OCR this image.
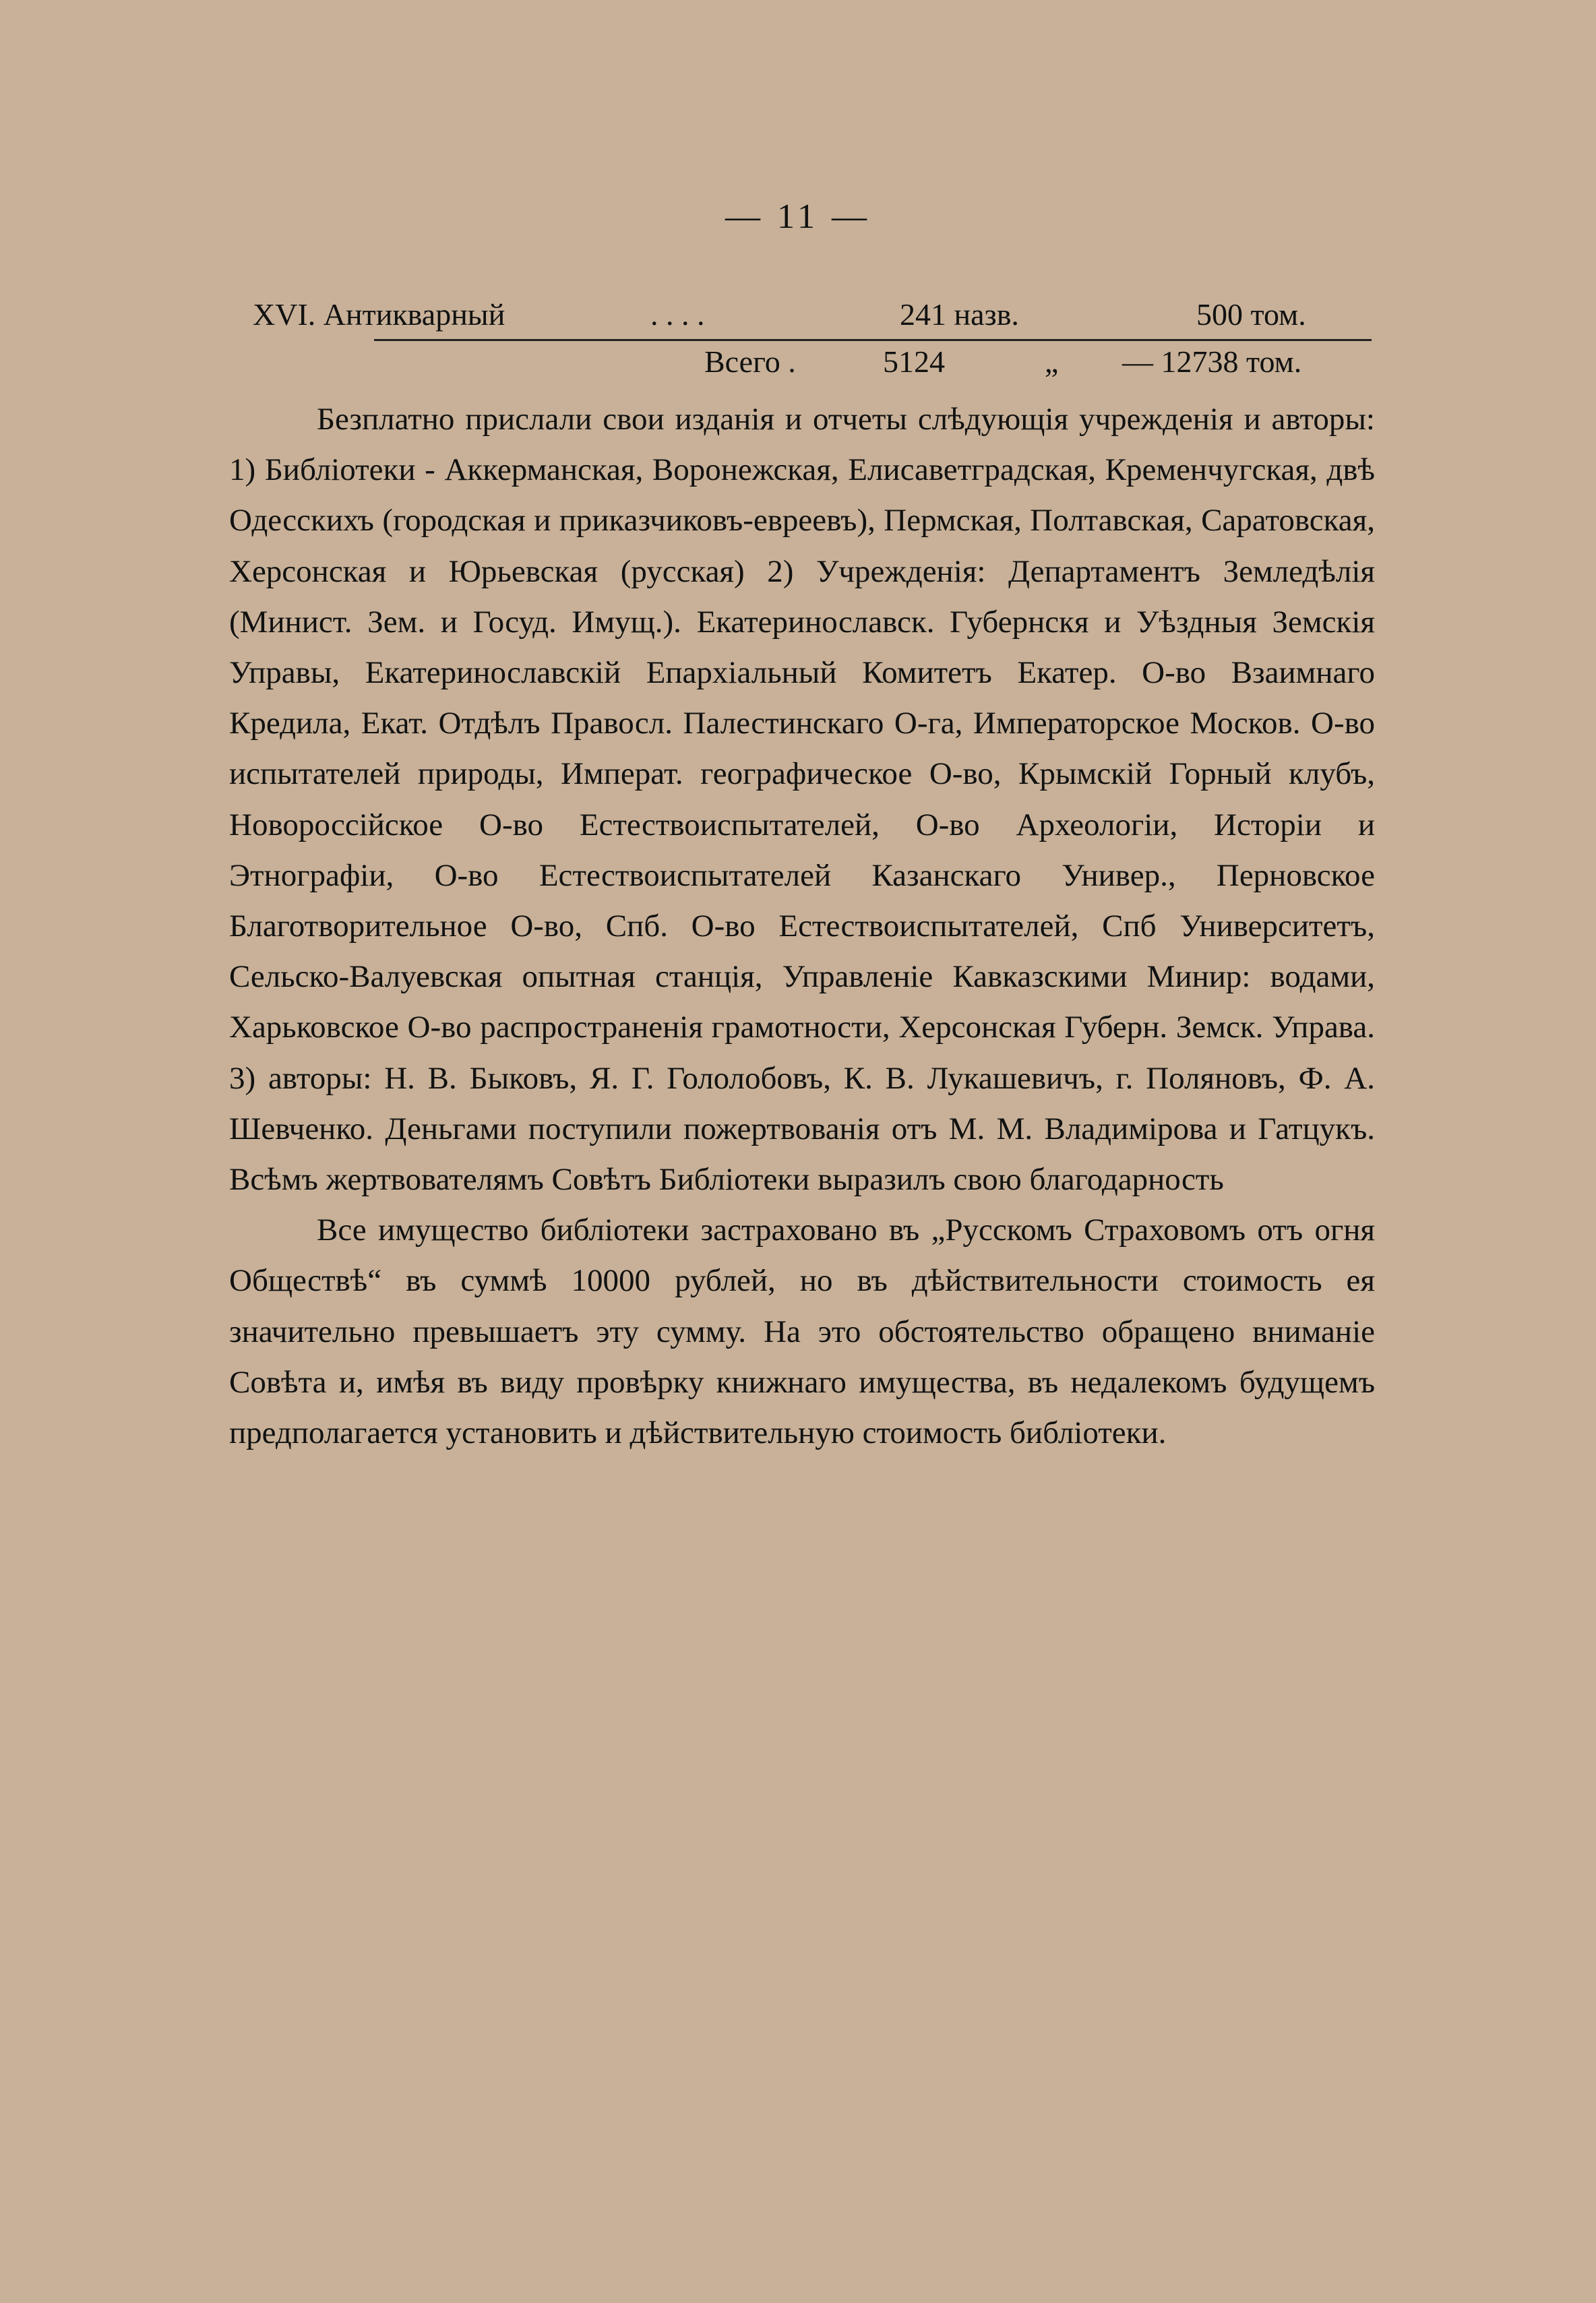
— 11 —
XVI. Антикварный	. . . .	241 назв.	500 том.
Всего .	5124	„ — 12738 том.

Безплатно прислали свои изданія и отчеты слѣдующія учрежденія и авторы: 1) Библіотеки - Аккерманская, Воронежская, Елисаветградская, Кременчугская, двѣ Одесскихъ (городская и приказчиковъ-евреевъ), Пермская, Полтавская, Саратовская, Херсонская и Юрьевская (русская) 2) Учрежденія: Департаментъ Земледѣлія (Минист. Зем. и Госуд. Имущ.). Екатеринославск. Губернскя и Уѣздныя Земскія Управы, Екатеринославскій Епархіальный Комитетъ Екатер. О-во Взаимнаго Кредила, Екат. Отдѣлъ Правосл. Палестинскаго О-га, Императорское Москов. О-во испытателей природы, Императ. географическое О-во, Крымскій Горный клубъ, Новороссійское О-во Естествоиспытателей, О-во Археологіи, Исторіи и Этнографіи, О-во Естествоиспытателей Казанскаго Универ., Перновское Благотворительное О-во, Спб. О-во Естествоиспытателей, Спб Университетъ, Сельско-Валуевская опытная станція, Управленіе Кавказскими Минир: водами, Харьковское О-во распространенія грамотности, Херсонская Губерн. Земск. Управа. 3) авторы: Н. В. Быковъ, Я. Г. Гололобовъ, К. В. Лукашевичъ, г. Поляновъ, Ф. А. Шевченко. Деньгами поступили пожертвованія отъ М. М. Владимірова и Гатцукъ. Всѣмъ жертвователямъ Совѣтъ Библіотеки выразилъ свою благодарность

Все имущество библіотеки застраховано въ „Русскомъ Страховомъ отъ огня Обществѣ“ въ суммѣ 10000 рублей, но въ дѣйствительности стоимость ея значительно превышаетъ эту сумму. На это обстоятельство обращено вниманіе Совѣта и, имѣя въ виду провѣрку книжнаго имущества, въ недалекомъ будущемъ предполагается установить и дѣйствительную стоимость библіотеки.
